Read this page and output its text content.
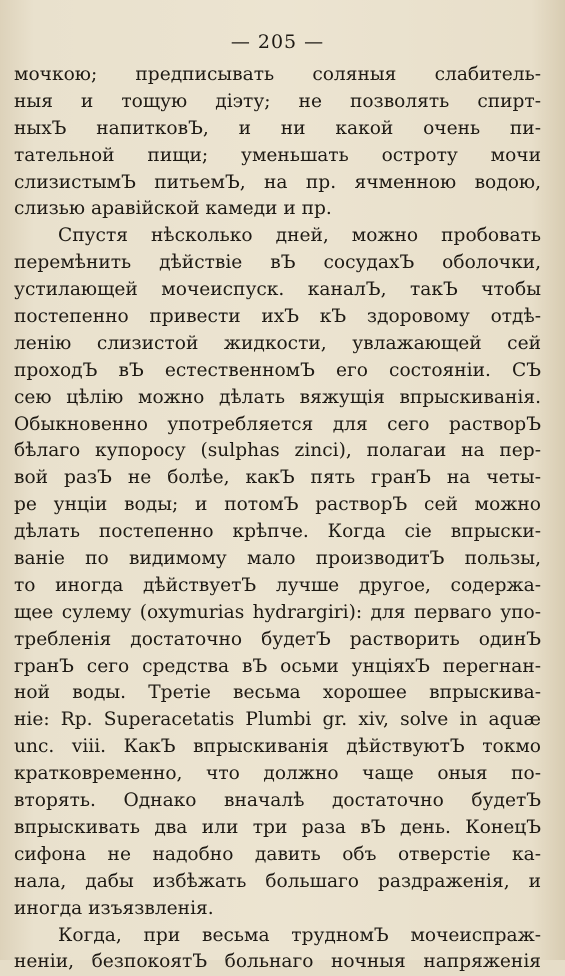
— 205 —
мочкою; предписывать соляныя слабитель-
ныя и тощую діэту; не позволять спирт-
ныхЪ напитковЪ, и ни какой очень пи-
тательной пищи; уменьшать остроту мочи
слизистымЪ питьемЪ, на пр. ячменною водою,
слизью аравійской камеди и пр.
Спустя нѣсколько дней, можно пробовать
перемѣнить дѣйствіе вЪ сосудахЪ оболочки,
устилающей мочеиспуск. каналЪ, такЪ чтобы
постепенно привести ихЪ кЪ здоровому отдѣ-
ленію слизистой жидкости, увлажающей сей
проходЪ вЪ естественномЪ его состояніи. СЪ
сею цѣлію можно дѣлать вяжущія впрыскиванія.
Обыкновенно употребляется для сего растворЪ
бѣлаго купоросу (sulphas zinci), полагаи на пер-
вой разЪ не болѣе, какЪ пять гранЪ на четы-
ре унціи воды; и потомЪ растворЪ сей можно
дѣлать постепенно крѣпче. Когда сіе впрыски-
ваніе по видимому мало производитЪ пользы,
то иногда дѣйствуетЪ лучше другое, содержа-
щее сулему (oxymurias hydrargiri): для перваго упо-
требленія достаточно будетЪ растворить одинЪ
гранЪ сего средства вЪ осьми унціяхЪ перегнан-
ной воды. Третіе весьма хорошее впрыскива-
ніе: Rp. Superacetatis Plumbi gr. xiv, solve in aquæ
unc. viii. КакЪ впрыскиванія дѣйствуютЪ токмо
кратковременно, что должно чаще оныя по-
вторять. Однако вначалѣ достаточно будетЪ
впрыскивать два или три раза вЪ день. КонецЪ
сифона не надобно давить объ отверстіе ка-
нала, дабы избѣжать большаго раздраженія, и
иногда изъязвленія.
Когда, при весьма трудномЪ мочеиспраж-
неніи, безпокоятЪ больнаго ночныя напряженія
